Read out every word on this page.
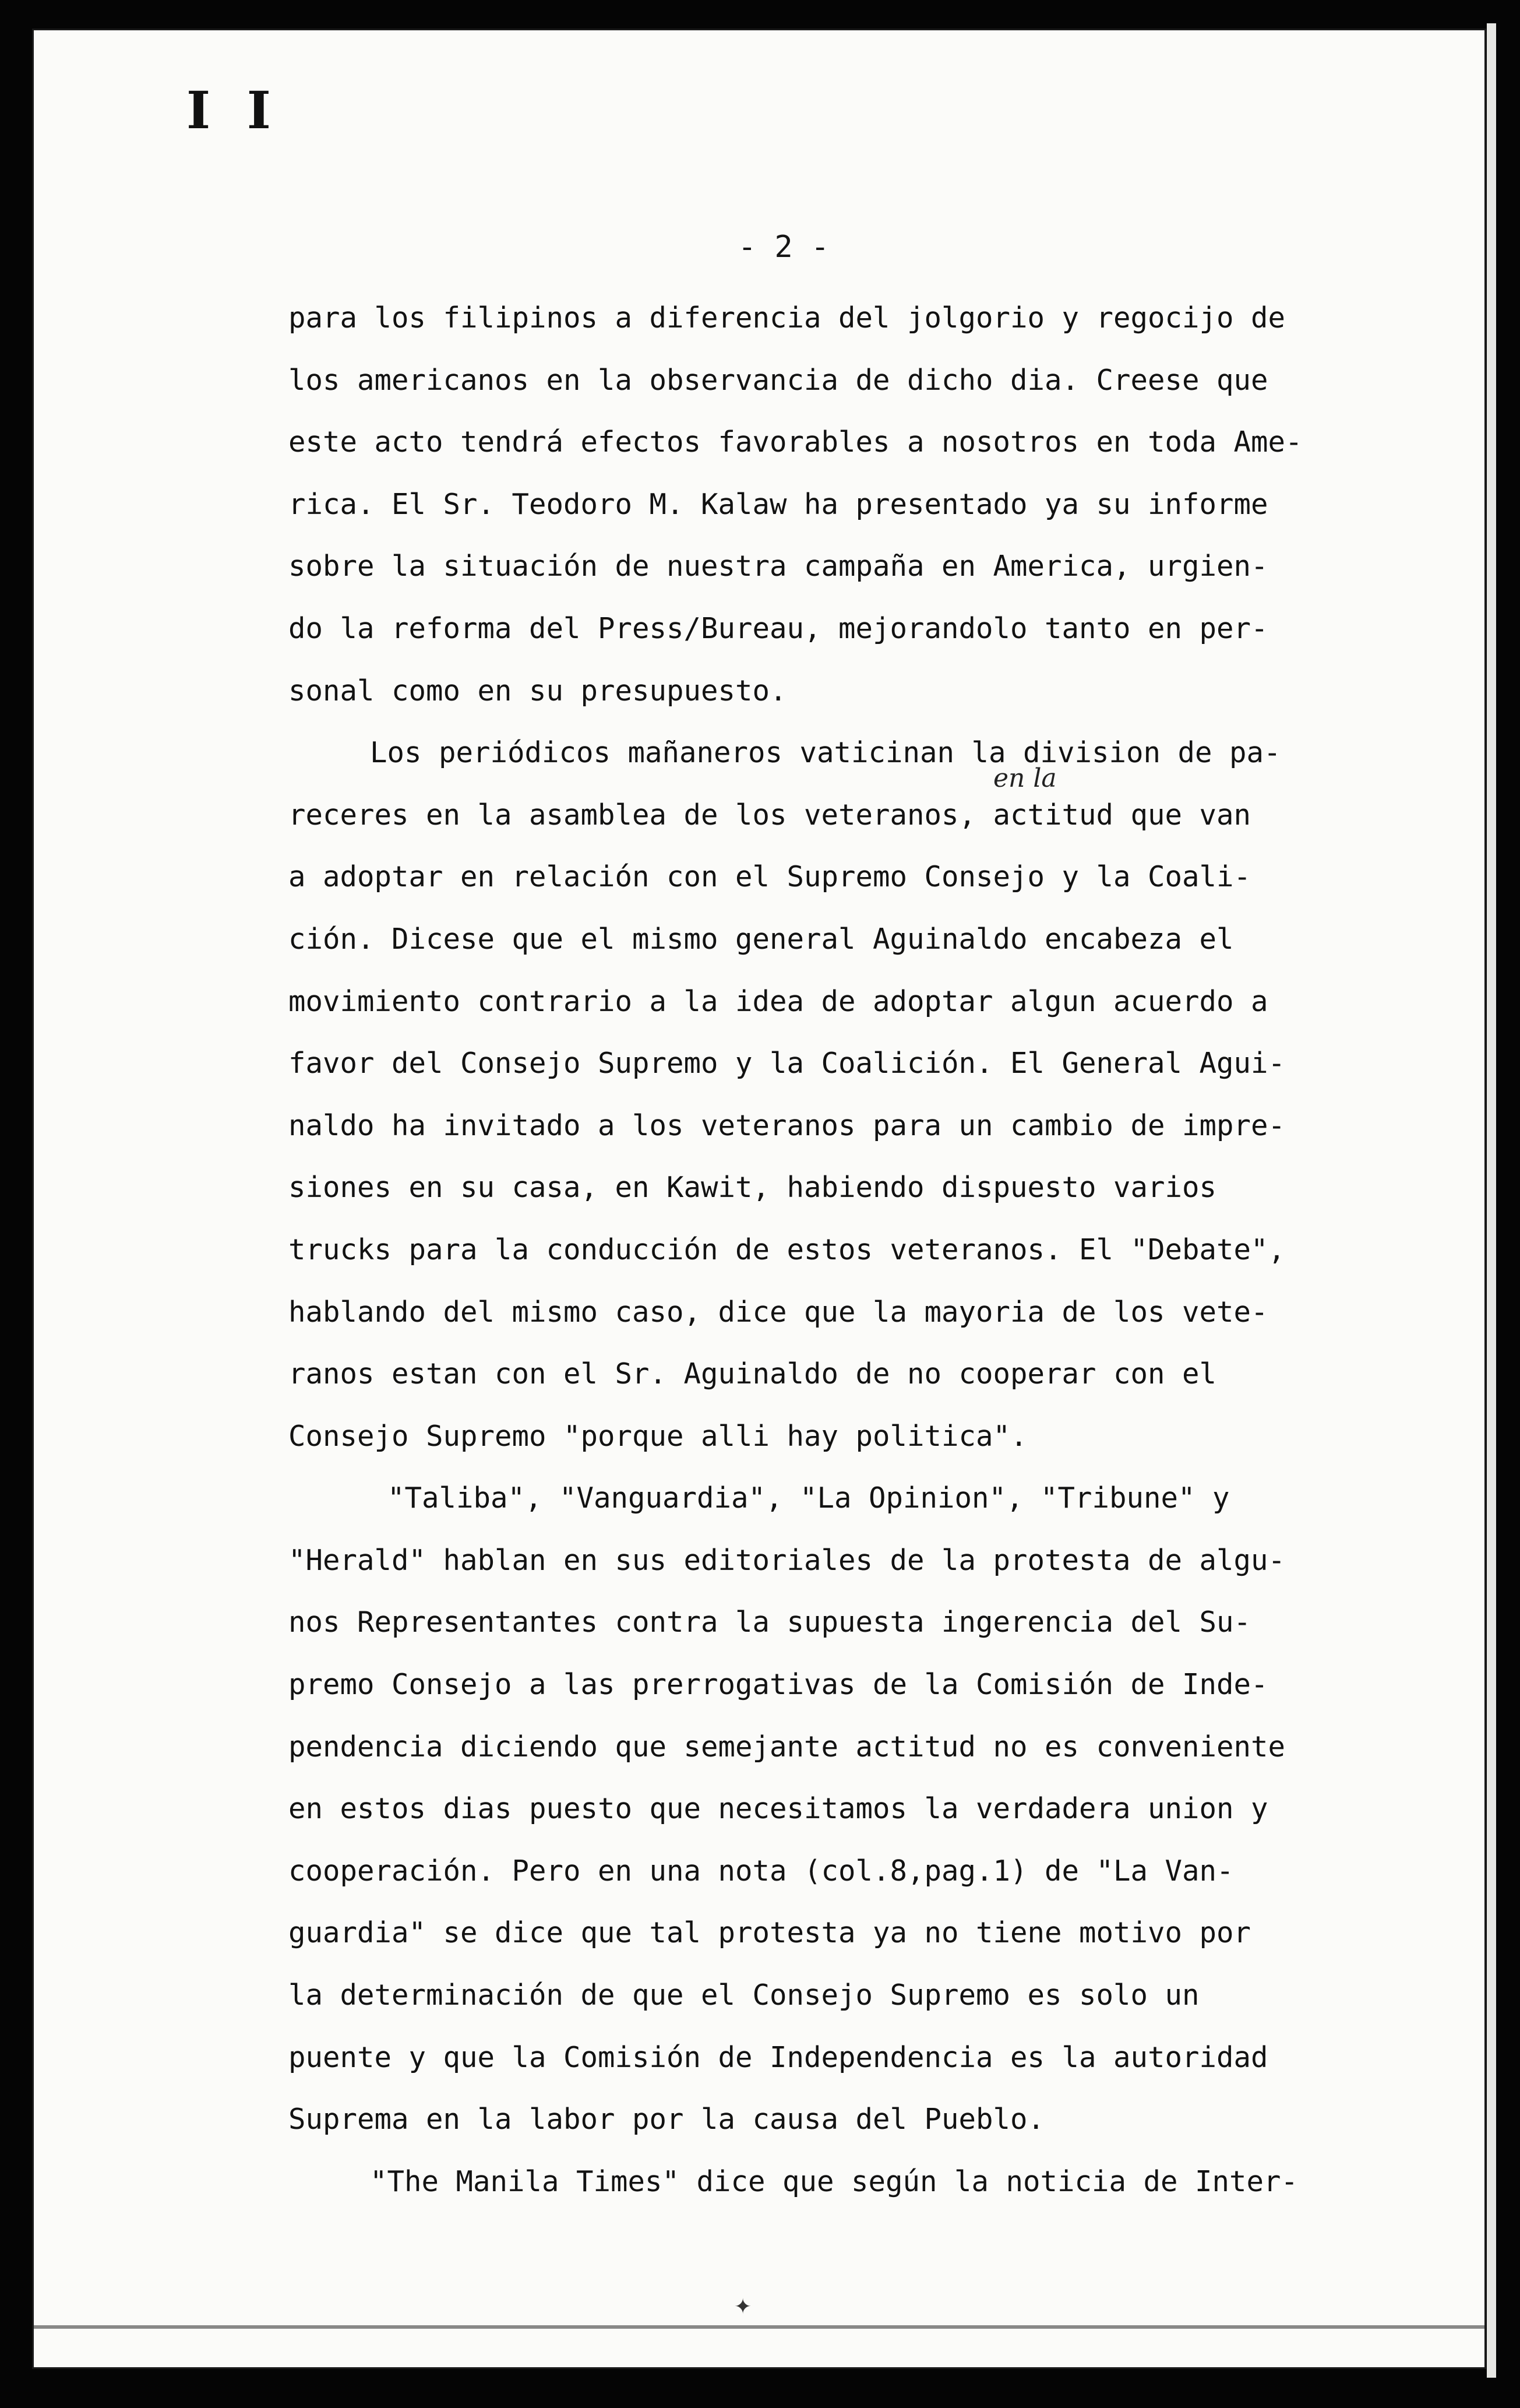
I I
- 2 -
en la
para los filipinos a diferencia del jolgorio y regocijo de
los americanos en la observancia de dicho dia. Creese que
este acto tendrá efectos favorables a nosotros en toda Ame-
rica. El Sr. Teodoro M. Kalaw ha presentado ya su informe
sobre la situación de nuestra campaña en America, urgien-
do la reforma del Press/Bureau, mejorandolo tanto en per-
sonal como en su presupuesto.
Los periódicos mañaneros vaticinan la division de pa-
receres en la asamblea de los veteranos, actitud que van
a adoptar en relación con el Supremo Consejo y la Coali-
ción. Dicese que el mismo general Aguinaldo encabeza el
movimiento contrario a la idea de adoptar algun acuerdo a
favor del Consejo Supremo y la Coalición. El General Agui-
naldo ha invitado a los veteranos para un cambio de impre-
siones en su casa, en Kawit, habiendo dispuesto varios
trucks para la conducción de estos veteranos. El "Debate",
hablando del mismo caso, dice que la mayoria de los vete-
ranos estan con el Sr. Aguinaldo de no cooperar con el
Consejo Supremo "porque alli hay politica".
"Taliba", "Vanguardia", "La Opinion", "Tribune" y
"Herald" hablan en sus editoriales de la protesta de algu-
nos Representantes contra la supuesta ingerencia del Su-
premo Consejo a las prerrogativas de la Comisión de Inde-
pendencia diciendo que semejante actitud no es conveniente
en estos dias puesto que necesitamos la verdadera union y
cooperación. Pero en una nota (col.8,pag.1) de "La Van-
guardia" se dice que tal protesta ya no tiene motivo por
la determinación de que el Consejo Supremo es solo un
puente y que la Comisión de Independencia es la autoridad
Suprema en la labor por la causa del Pueblo.
"The Manila Times" dice que según la noticia de Inter-
✦
